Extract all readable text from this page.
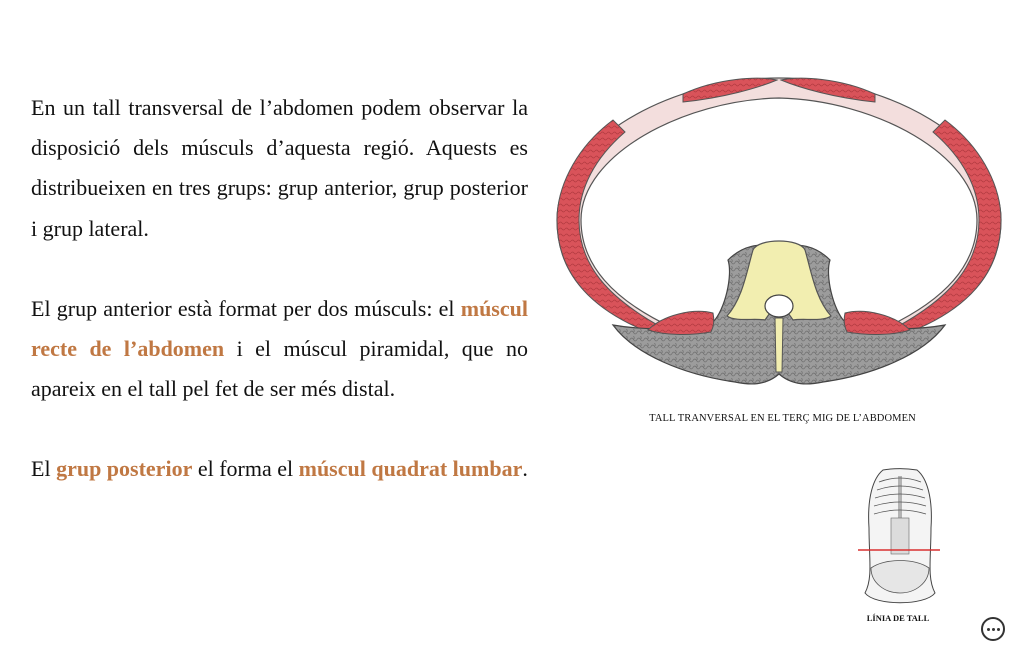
En un tall transversal de l’abdomen podem observar la disposició dels músculs d’aquesta regió. Aquests es distribueixen en tres grups: grup anterior, grup posterior i grup lateral.

El grup anterior està format per dos músculs: el múscul recte de l’abdomen i el múscul piramidal, que no apareix en el tall pel fet de ser més distal.

El grup posterior el forma el múscul quadrat lumbar.

TALL TRANVERSAL EN EL TERÇ MIG DE L’ABDOMEN
LÍNIA DE TALL
